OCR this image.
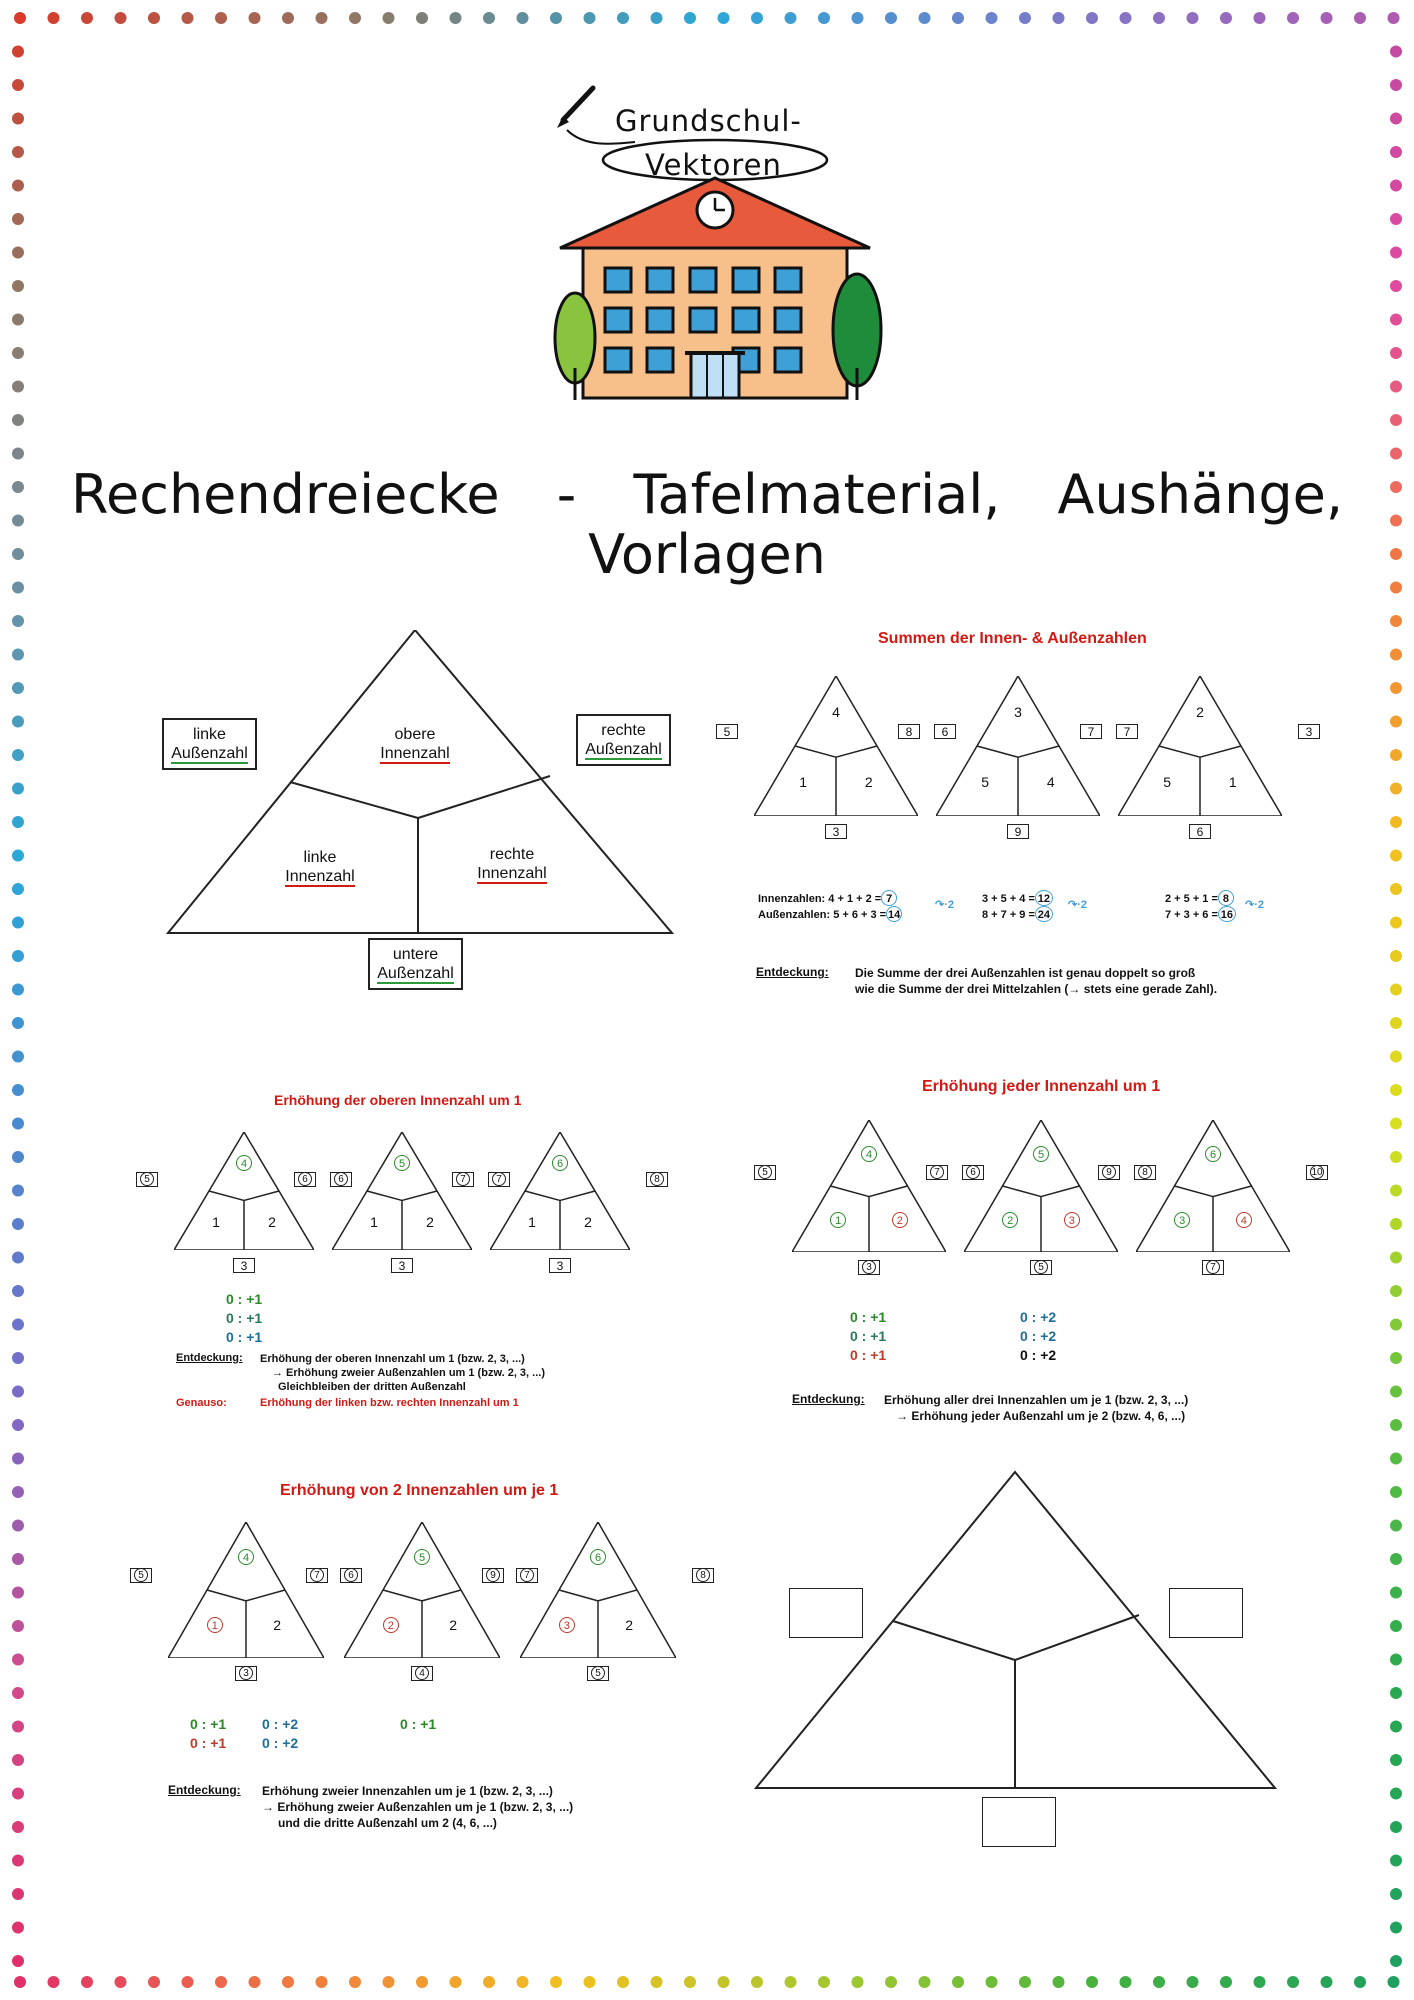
Grundschul-
Vektoren
Rechendreiecke - Tafelmaterial, Aushänge,
Vorlagen
obere
Innenzahl
linke
Innenzahl
rechte
Innenzahl
linke
Außenzahl
rechte
Außenzahl
untere
Außenzahl
Summen der Innen- & Außenzahlen
4
1	2
5	6
3
3
5	4
8	7
9
2
5	1
7	3
6
Innenzahlen: 4 + 1 + 2 = 7
Außenzahlen: 5 + 6 + 3 = 14
3 + 5 + 4 = 12
8 + 7 + 9 = 24
2 + 5 + 1 = 8
7 + 3 + 6 = 16
↷·2	↷·2	↷·2
Entdeckung: Die Summe der drei Außenzahlen ist genau doppelt so groß
wie die Summe der drei Mittelzahlen (→ stets eine gerade Zahl).
Erhöhung der oberen Innenzahl um 1
4
1	2
5	6
3
5
1	2
6	7
3
6
1	2
7	8
3
0 : +1
0 : +1
0 : +1
Entdeckung: Erhöhung der oberen Innenzahl um 1 (bzw. 2, 3, ...)
→ Erhöhung zweier Außenzahlen um 1 (bzw. 2, 3, ...)
Gleichbleiben der dritten Außenzahl
Genauso:	Erhöhung der linken bzw. rechten Innenzahl um 1
Erhöhung jeder Innenzahl um 1
4
1	2
5	6
3
5
2	3
7	8
5
6
3	4
9	10
7
0 : +1
0 : +1
0 : +1
0 : +2
0 : +2
0 : +2
Entdeckung: Erhöhung aller drei Innenzahlen um je 1 (bzw. 2, 3, ...)
→ Erhöhung jeder Außenzahl um je 2 (bzw. 4, 6, ...)
Erhöhung von 2 Innenzahlen um je 1
4
1	2
5	6
3
5
2	2
7	7
4
6
3	2
9	8
5
0 : +1
0 : +1
0 : +2
0 : +2
0 : +1
Entdeckung: Erhöhung zweier Innenzahlen um je 1 (bzw. 2, 3, ...)
→ Erhöhung zweier Außenzahlen um je 1 (bzw. 2, 3, ...)
und die dritte Außenzahl um 2 (4, 6, ...)
